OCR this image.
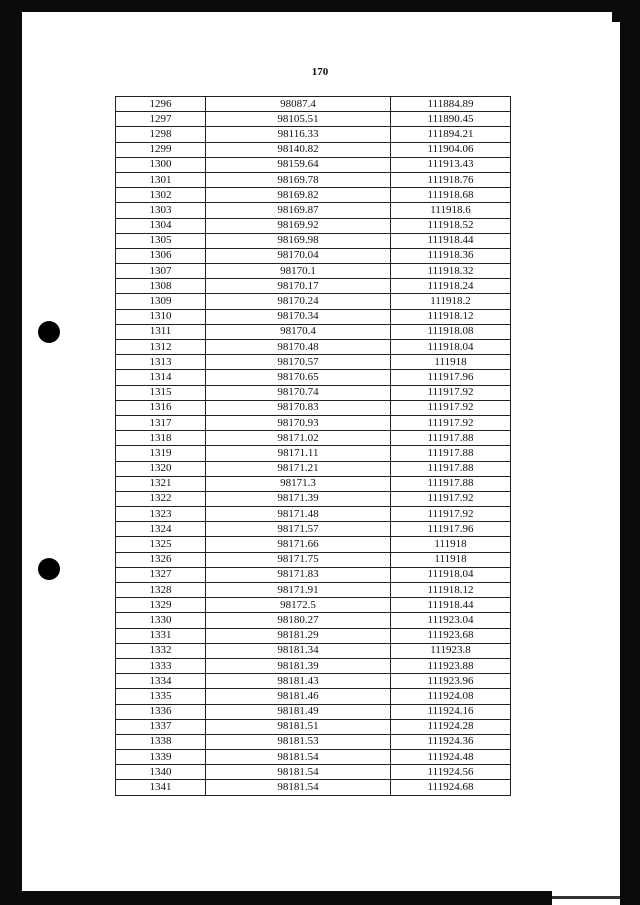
170
1296	98087.4	111884.89
1297	98105.51	111890.45
1298	98116.33	111894.21
1299	98140.82	111904.06
1300	98159.64	111913.43
1301	98169.78	111918.76
1302	98169.82	111918.68
1303	98169.87	111918.6
1304	98169.92	111918.52
1305	98169.98	111918.44
1306	98170.04	111918.36
1307	98170.1	111918.32
1308	98170.17	111918.24
1309	98170.24	111918.2
1310	98170.34	111918.12
1311	98170.4	111918.08
1312	98170.48	111918.04
1313	98170.57	111918
1314	98170.65	111917.96
1315	98170.74	111917.92
1316	98170.83	111917.92
1317	98170.93	111917.92
1318	98171.02	111917.88
1319	98171.11	111917.88
1320	98171.21	111917.88
1321	98171.3	111917.88
1322	98171.39	111917.92
1323	98171.48	111917.92
1324	98171.57	111917.96
1325	98171.66	111918
1326	98171.75	111918
1327	98171.83	111918.04
1328	98171.91	111918.12
1329	98172.5	111918.44
1330	98180.27	111923.04
1331	98181.29	111923.68
1332	98181.34	111923.8
1333	98181.39	111923.88
1334	98181.43	111923.96
1335	98181.46	111924.08
1336	98181.49	111924.16
1337	98181.51	111924.28
1338	98181.53	111924.36
1339	98181.54	111924.48
1340	98181.54	111924.56
1341	98181.54	111924.68
